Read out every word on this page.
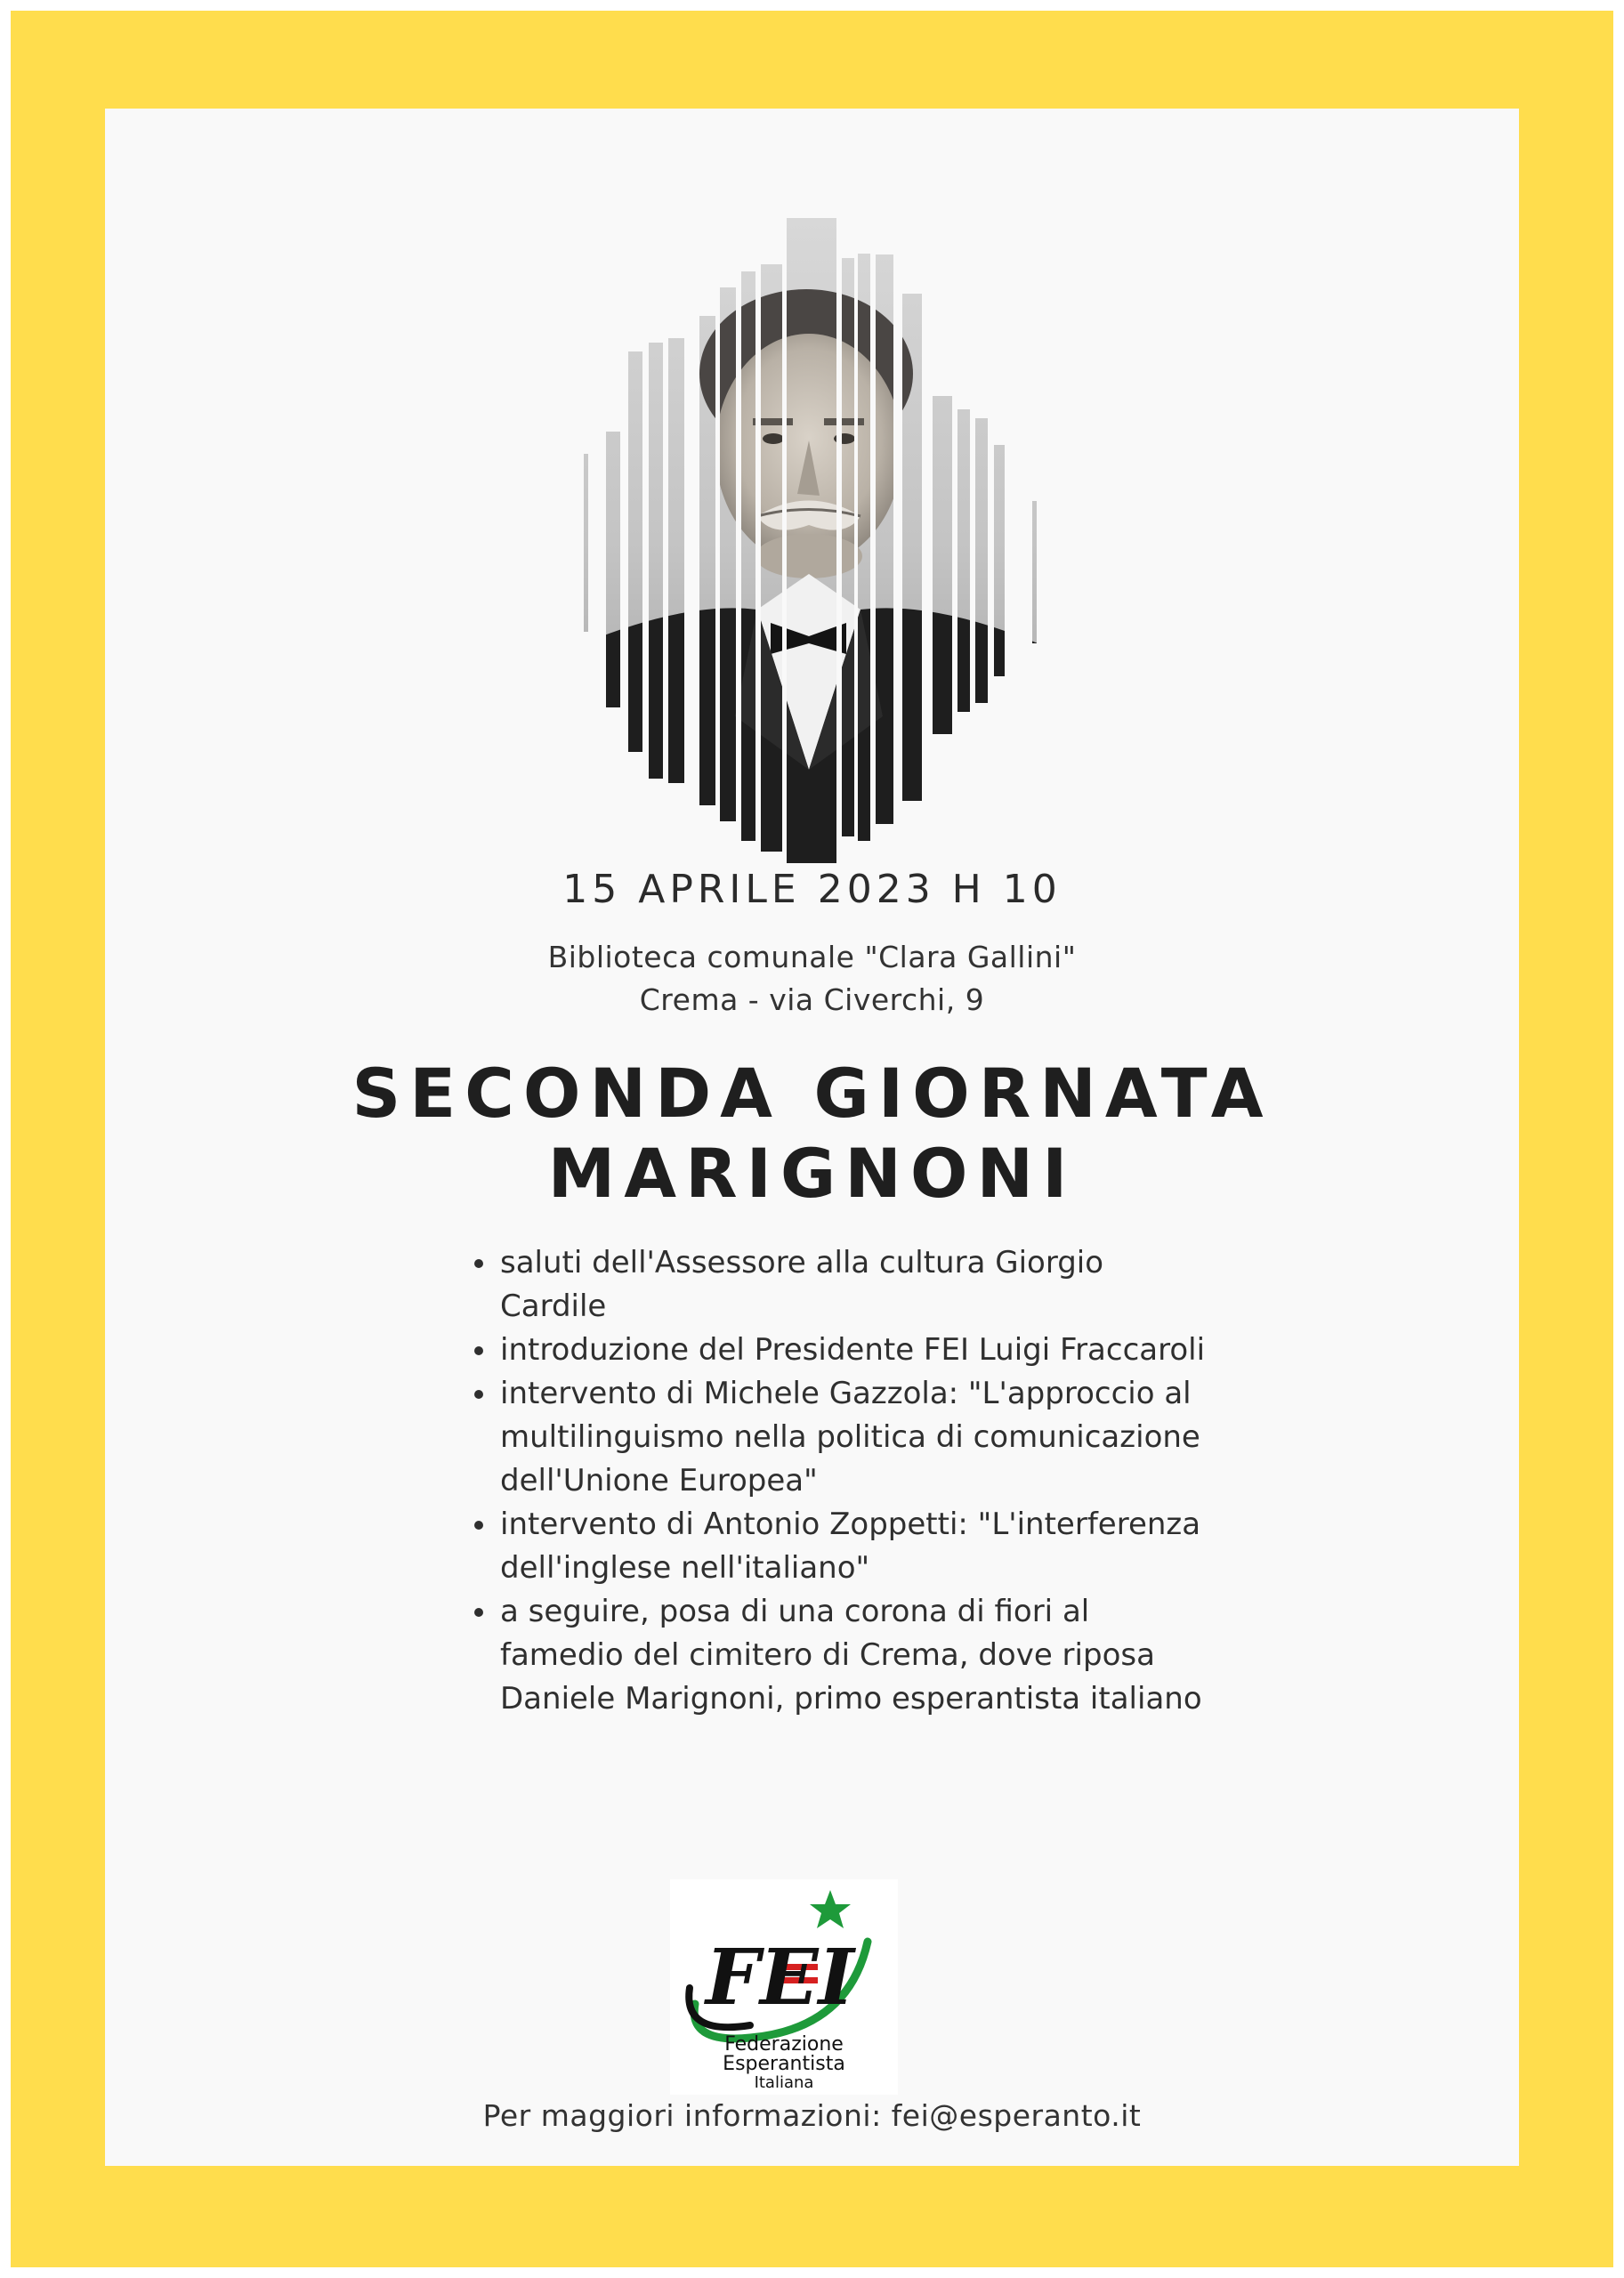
15 APRILE 2023 H 10
Biblioteca comunale "Clara Gallini"
Crema - via Civerchi, 9
SECONDA GIORNATA
MARIGNONI
• saluti dell'Assessore alla cultura Giorgio Cardile
• introduzione del Presidente FEI Luigi Fraccaroli
• intervento di Michele Gazzola: "L'approccio al multilinguismo nella politica di comunicazione dell'Unione Europea"
• intervento di Antonio Zoppetti: "L'interferenza dell'inglese nell'italiano"
• a seguire, posa di una corona di fiori al famedio del cimitero di Crema, dove riposa Daniele Marignoni, primo esperantista italiano
FEI
Federazione
Esperantista
Italiana
Per maggiori informazioni: fei@esperanto.it
